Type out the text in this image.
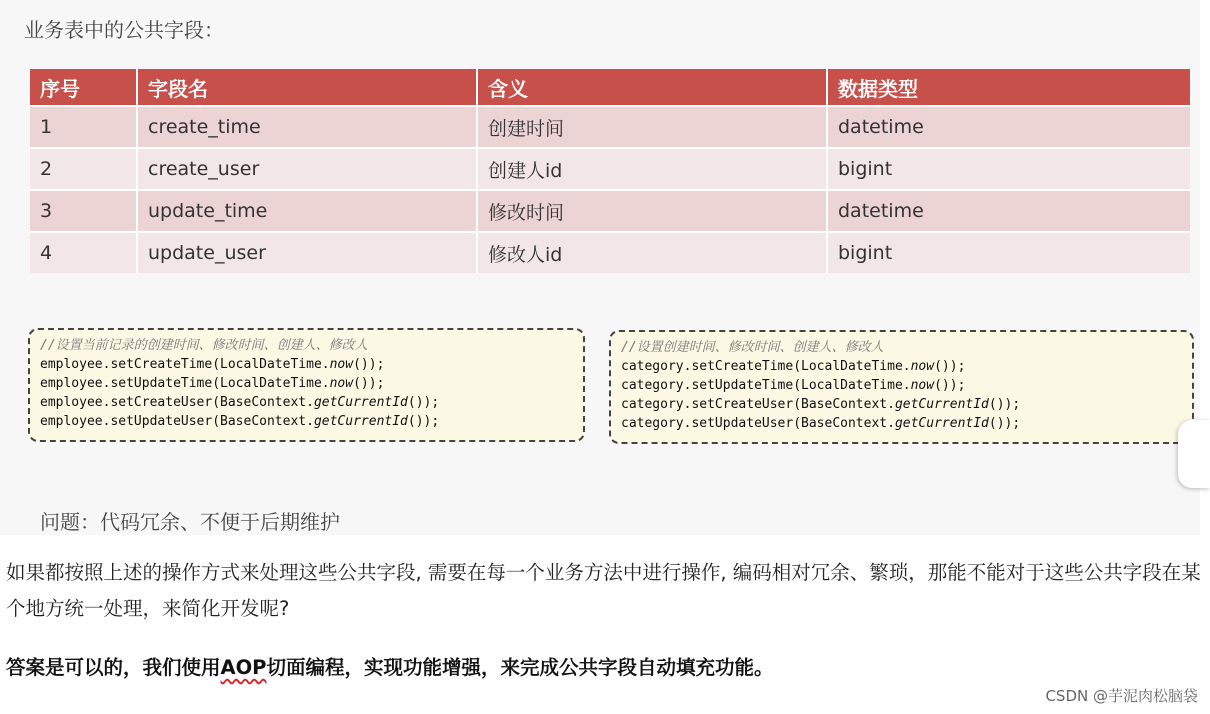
业务表中的公共字段：
序号	字段名	含义	数据类型
1	create_time	创建时间	datetime
2	create_user	创建人id	bigint
3	update_time	修改时间	datetime
4	update_user	修改人id	bigint
//设置当前记录的创建时间、修改时间、创建人、修改人
employee.setCreateTime(LocalDateTime.now());
employee.setUpdateTime(LocalDateTime.now());
employee.setCreateUser(BaseContext.getCurrentId());
employee.setUpdateUser(BaseContext.getCurrentId());
//设置创建时间、修改时间、创建人、修改人
category.setCreateTime(LocalDateTime.now());
category.setUpdateTime(LocalDateTime.now());
category.setCreateUser(BaseContext.getCurrentId());
category.setUpdateUser(BaseContext.getCurrentId());
问题：代码冗余、不便于后期维护
如果都按照上述的操作方式来处理这些公共字段, 需要在每一个业务方法中进行操作, 编码相对冗余、繁琐，那能不能对于这些公共字段在某个地方统一处理，来简化开发呢?
答案是可以的，我们使用AOP切面编程，实现功能增强，来完成公共字段自动填充功能。
CSDN @芋泥肉松脑袋
